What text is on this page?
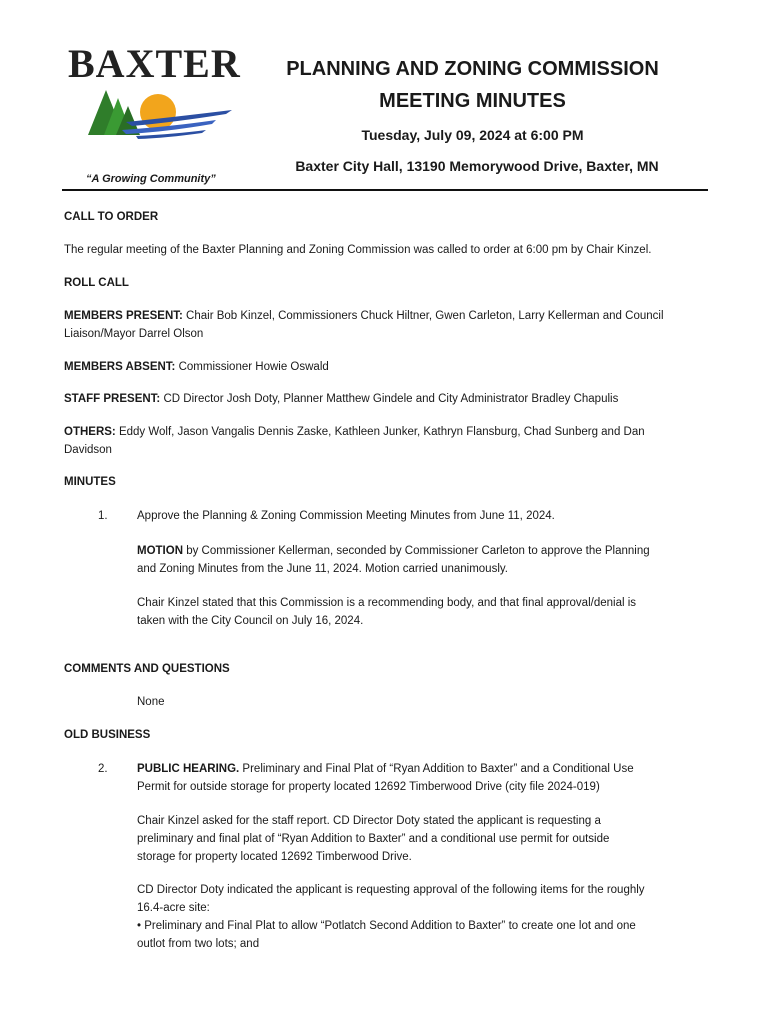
BAXTER
“A Growing Community”
PLANNING AND ZONING COMMISSION
MEETING MINUTES
Tuesday, July 09, 2024 at 6:00 PM
Baxter City Hall, 13190 Memorywood Drive, Baxter, MN
CALL TO ORDER
The regular meeting of the Baxter Planning and Zoning Commission was called to order at 6:00 pm by Chair Kinzel.
ROLL CALL
MEMBERS PRESENT: Chair Bob Kinzel, Commissioners Chuck Hiltner, Gwen Carleton, Larry Kellerman and Council
Liaison/Mayor Darrel Olson
MEMBERS ABSENT: Commissioner Howie Oswald
STAFF PRESENT: CD Director Josh Doty, Planner Matthew Gindele and City Administrator Bradley Chapulis
OTHERS: Eddy Wolf, Jason Vangalis Dennis Zaske, Kathleen Junker, Kathryn Flansburg, Chad Sunberg and Dan
Davidson
MINUTES
1.	Approve the Planning & Zoning Commission Meeting Minutes from June 11, 2024.
MOTION by Commissioner Kellerman, seconded by Commissioner Carleton to approve the Planning
and Zoning Minutes from the June 11, 2024. Motion carried unanimously.
Chair Kinzel stated that this Commission is a recommending body, and that final approval/denial is
taken with the City Council on July 16, 2024.
COMMENTS AND QUESTIONS
None
OLD BUSINESS
2.	PUBLIC HEARING. Preliminary and Final Plat of “Ryan Addition to Baxter” and a Conditional Use
Permit for outside storage for property located 12692 Timberwood Drive (city file 2024-019)
Chair Kinzel asked for the staff report. CD Director Doty stated the applicant is requesting a
preliminary and final plat of “Ryan Addition to Baxter” and a conditional use permit for outside
storage for property located 12692 Timberwood Drive.
CD Director Doty indicated the applicant is requesting approval of the following items for the roughly
16.4-acre site:
• Preliminary and Final Plat to allow “Potlatch Second Addition to Baxter” to create one lot and one
outlot from two lots; and
